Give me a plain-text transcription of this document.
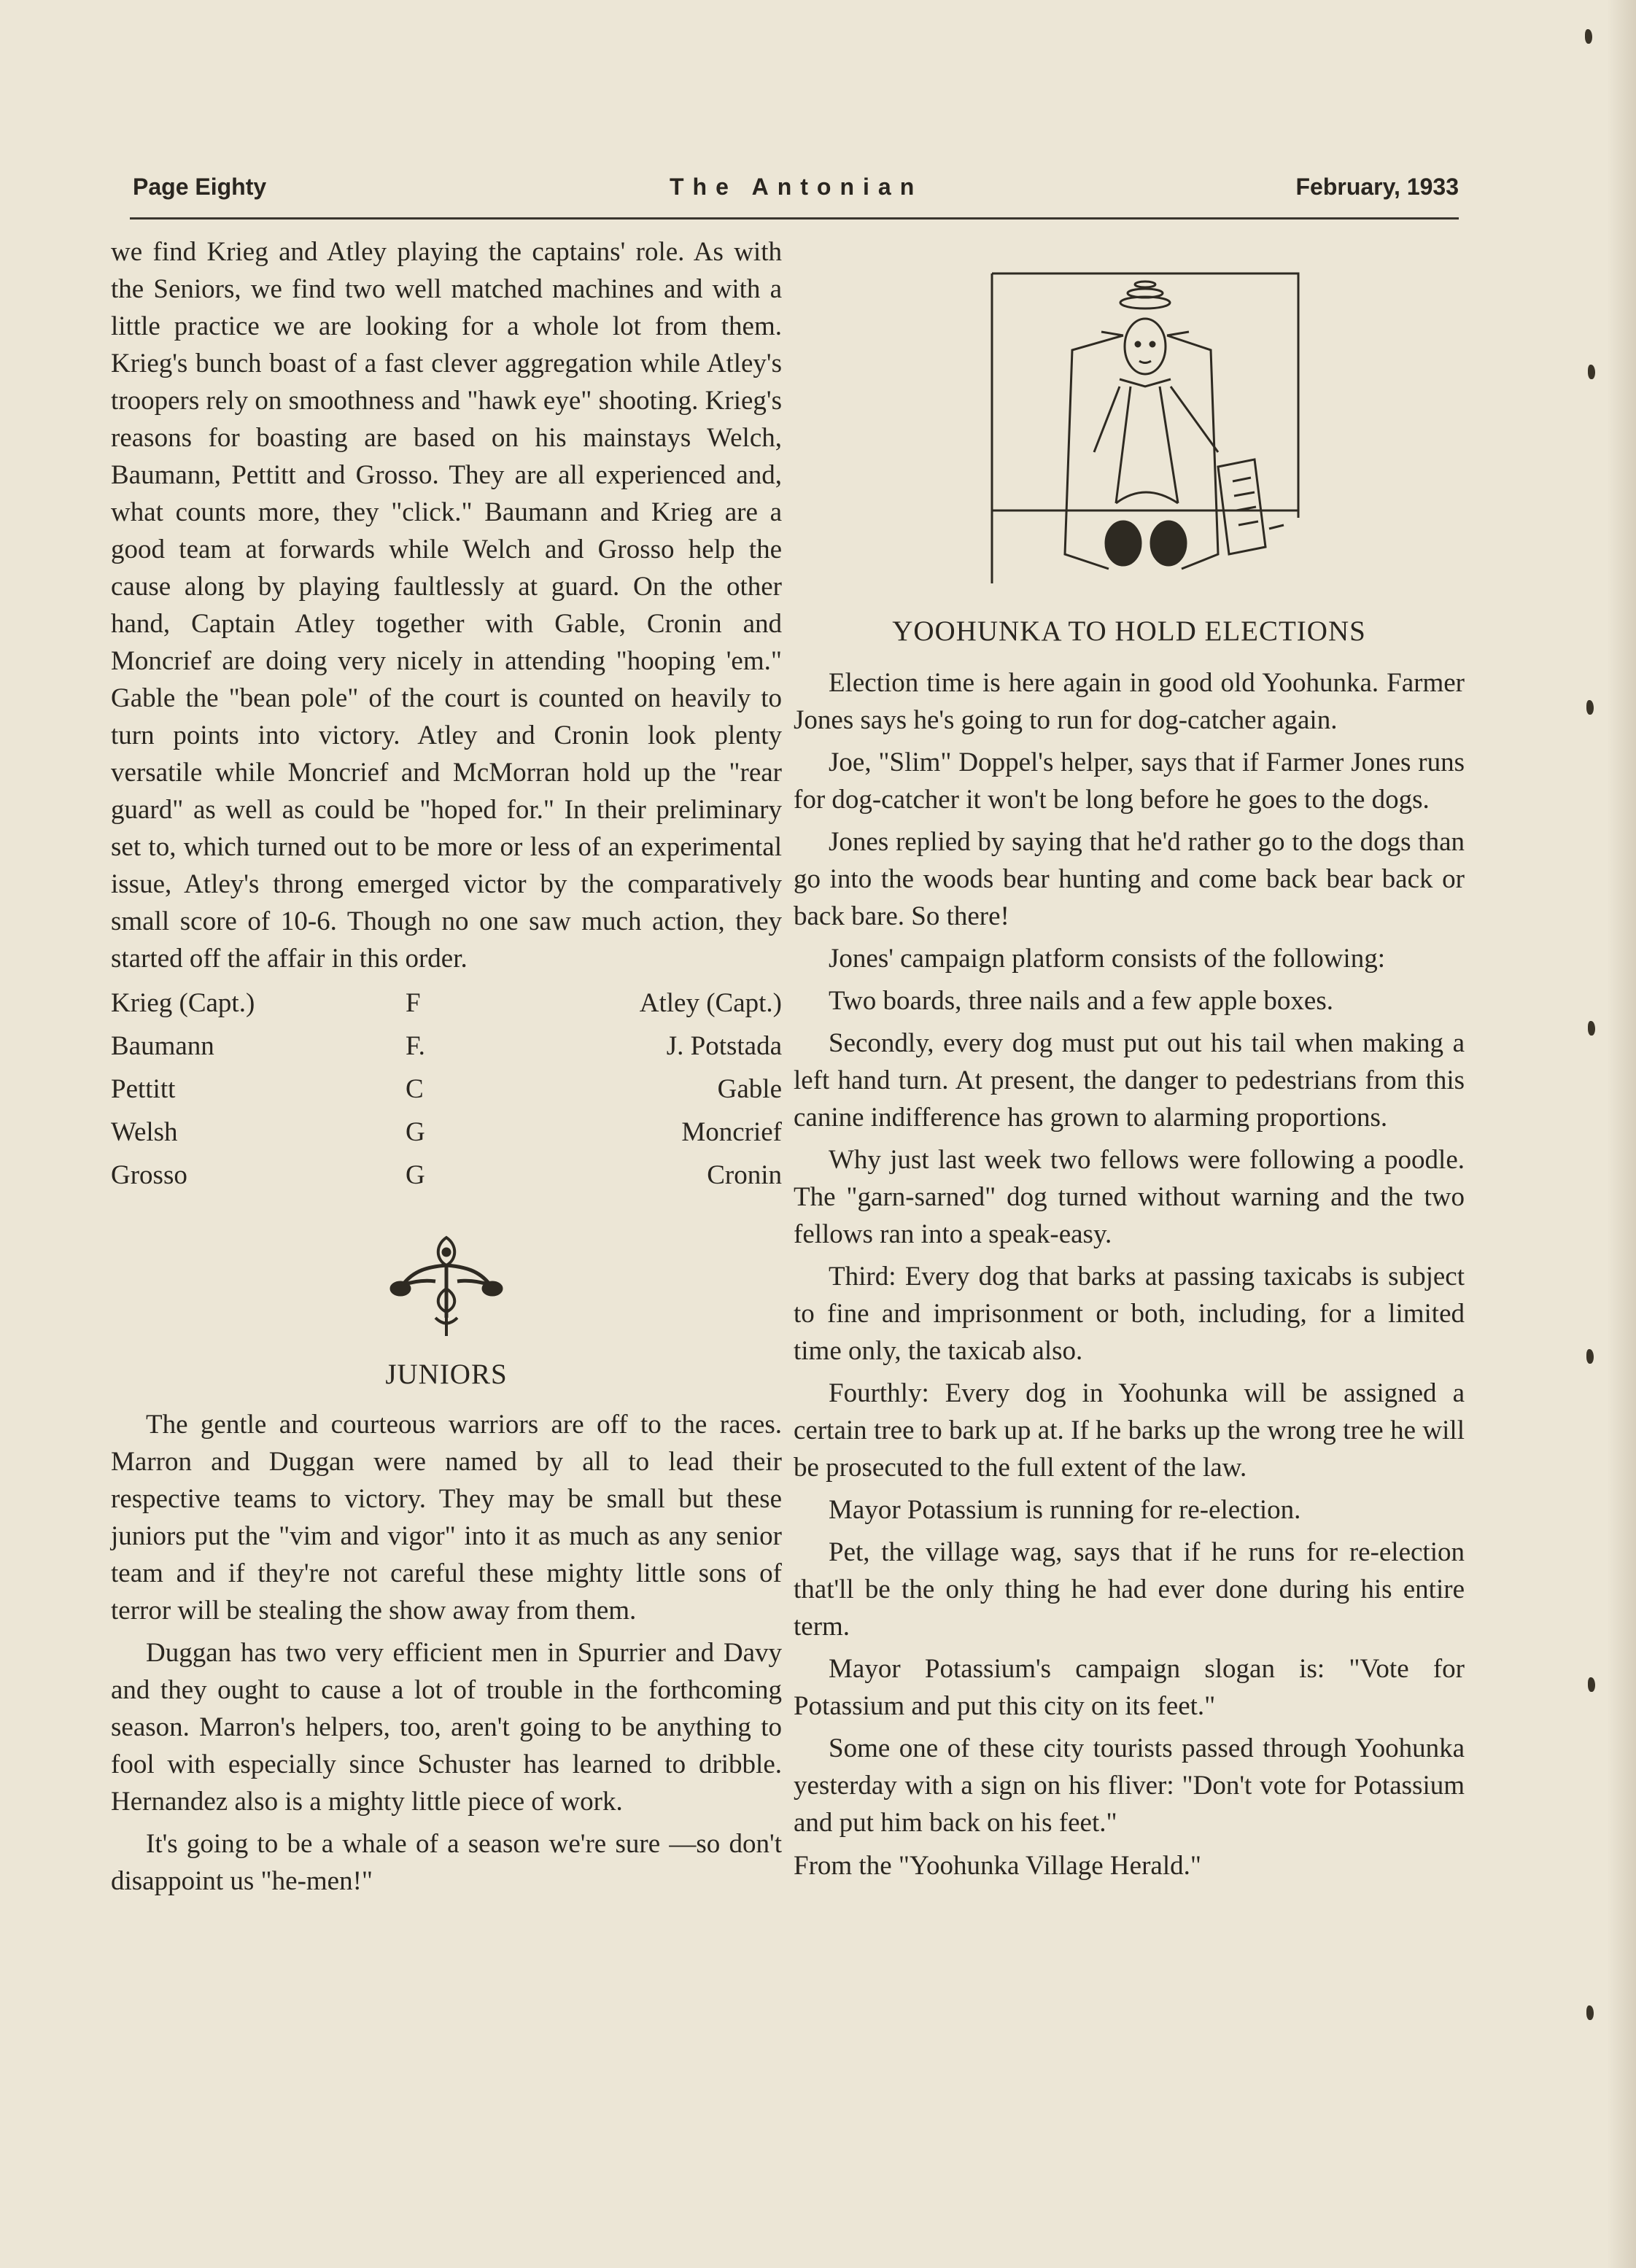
Page Eighty	The Antonian	February, 1933

we find Krieg and Atley playing the captains' role. As with the Seniors, we find two well matched machines and with a little practice we are looking for a whole lot from them. Krieg's bunch boast of a fast clever aggregation while Atley's troopers rely on smoothness and "hawk eye" shooting. Krieg's reasons for boasting are based on his mainstays Welch, Baumann, Pettitt and Grosso. They are all experienced and, what counts more, they "click." Baumann and Krieg are a good team at forwards while Welch and Grosso help the cause along by playing faultlessly at guard. On the other hand, Captain Atley together with Gable, Cronin and Moncrief are doing very nicely in attending "hooping 'em." Gable the "bean pole" of the court is counted on heavily to turn points into victory. Atley and Cronin look plenty versatile while Moncrief and McMorran hold up the "rear guard" as well as could be "hoped for." In their preliminary set to, which turned out to be more or less of an experimental issue, Atley's throng emerged victor by the comparatively small score of 10-6. Though no one saw much action, they started off the affair in this order.

Krieg (Capt.)	F	Atley (Capt.)
Baumann	F.	J. Potstada
Pettitt	C	Gable
Welsh	G	Moncrief
Grosso	G	Cronin
JUNIORS

The gentle and courteous warriors are off to the races. Marron and Duggan were named by all to lead their respective teams to victory. They may be small but these juniors put the "vim and vigor" into it as much as any senior team and if they're not careful these mighty little sons of terror will be stealing the show away from them.

Duggan has two very efficient men in Spurrier and Davy and they ought to cause a lot of trouble in the forthcoming season. Marron's helpers, too, aren't going to be anything to fool with especially since Schuster has learned to dribble. Hernandez also is a mighty little piece of work.

It's going to be a whale of a season we're sure —so don't disappoint us "he-men!"

YOOHUNKA TO HOLD ELECTIONS

Election time is here again in good old Yoohunka. Farmer Jones says he's going to run for dog-catcher again.

Joe, "Slim" Doppel's helper, says that if Farmer Jones runs for dog-catcher it won't be long before he goes to the dogs.

Jones replied by saying that he'd rather go to the dogs than go into the woods bear hunting and come back bear back or back bare. So there!

Jones' campaign platform consists of the following:

Two boards, three nails and a few apple boxes.

Secondly, every dog must put out his tail when making a left hand turn. At present, the danger to pedestrians from this canine indifference has grown to alarming proportions.

Why just last week two fellows were following a poodle. The "garn-sarned" dog turned without warning and the two fellows ran into a speak-easy.

Third: Every dog that barks at passing taxicabs is subject to fine and imprisonment or both, including, for a limited time only, the taxicab also.

Fourthly: Every dog in Yoohunka will be assigned a certain tree to bark up at. If he barks up the wrong tree he will be prosecuted to the full extent of the law.

Mayor Potassium is running for re-election.

Pet, the village wag, says that if he runs for re-election that'll be the only thing he had ever done during his entire term.

Mayor Potassium's campaign slogan is: "Vote for Potassium and put this city on its feet."

Some one of these city tourists passed through Yoohunka yesterday with a sign on his fliver: "Don't vote for Potassium and put him back on his feet."

From the "Yoohunka Village Herald."
